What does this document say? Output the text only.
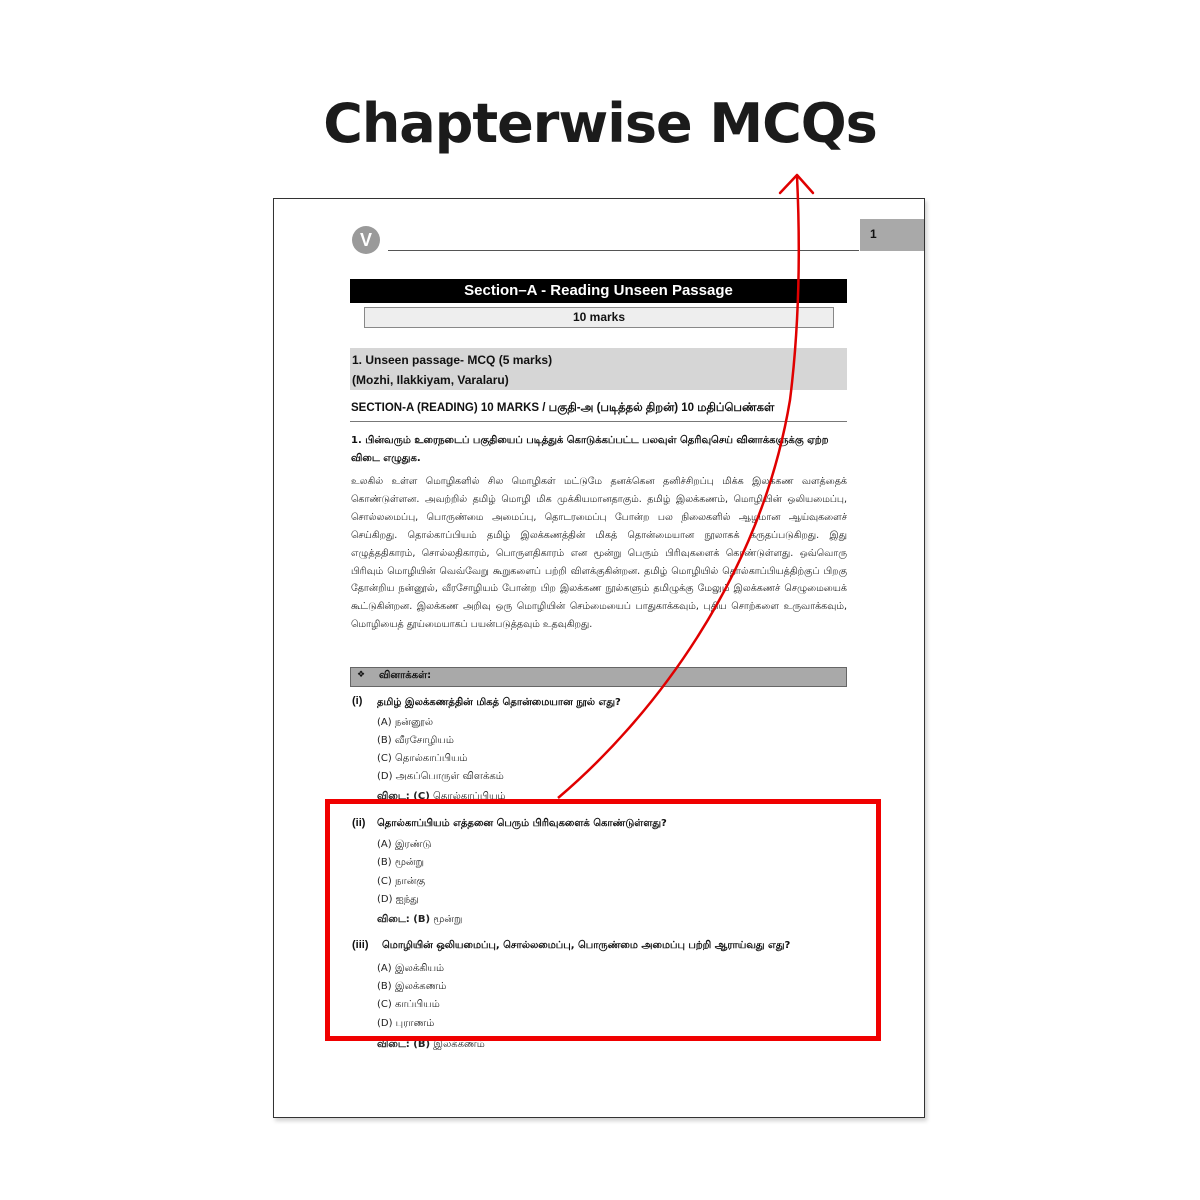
Chapterwise MCQs
V	1
Section–A - Reading Unseen Passage
10 marks
1. Unseen passage- MCQ (5 marks)
(Mozhi, Ilakkiyam, Varalaru)
SECTION-A (READING) 10 MARKS / பகுதி-அ (படித்தல் திறன்) 10 மதிப்பெண்கள்
1. பின்வரும் உரைநடைப் பகுதியைப் படித்துக் கொடுக்கப்பட்ட பலவுள் தெரிவுசெய் வினாக்களுக்கு ஏற்ற விடை எழுதுக.
உலகில் உள்ள மொழிகளில் சில மொழிகள் மட்டுமே தனக்கென தனிச்சிறப்பு மிக்க இலக்கண வளத்தைக் கொண்டுள்ளன. அவற்றில் தமிழ் மொழி மிக முக்கியமானதாகும். தமிழ் இலக்கணம், மொழியின் ஒலியமைப்பு, சொல்லமைப்பு, பொருண்மை அமைப்பு, தொடரமைப்பு போன்ற பல நிலைகளில் ஆழமான ஆய்வுகளைச் செய்கிறது. தொல்காப்பியம் தமிழ் இலக்கணத்தின் மிகத் தொன்மையான நூலாகக் கருதப்படுகிறது. இது எழுத்ததிகாரம், சொல்லதிகாரம், பொருளதிகாரம் என மூன்று பெரும் பிரிவுகளைக் கொண்டுள்ளது. ஒவ்வொரு பிரிவும் மொழியின் வெவ்வேறு கூறுகளைப் பற்றி விளக்குகின்றன. தமிழ் மொழியில் தொல்காப்பியத்திற்குப் பிறகு தோன்றிய நன்னூல், வீரசோழியம் போன்ற பிற இலக்கண நூல்களும் தமிழுக்கு மேலும் இலக்கணச் செழுமையைக் கூட்டுகின்றன. இலக்கண அறிவு ஒரு மொழியின் செம்மையைப் பாதுகாக்கவும், புதிய சொற்களை உருவாக்கவும், மொழியைத் தூய்மையாகப் பயன்படுத்தவும் உதவுகிறது.
❖ வினாக்கள்:
(i) தமிழ் இலக்கணத்தின் மிகத் தொன்மையான நூல் எது?
(A) நன்னூல்
(B) வீரசோழியம்
(C) தொல்காப்பியம்
(D) அகப்பொருள் விளக்கம்
விடை: (C) தொல்காப்பியம்
(ii) தொல்காப்பியம் எத்தனை பெரும் பிரிவுகளைக் கொண்டுள்ளது?
(A) இரண்டு
(B) மூன்று
(C) நான்கு
(D) ஐந்து
விடை: (B) மூன்று
(iii) மொழியின் ஒலியமைப்பு, சொல்லமைப்பு, பொருண்மை அமைப்பு பற்றி ஆராய்வது எது?
(A) இலக்கியம்
(B) இலக்கணம்
(C) காப்பியம்
(D) புராணம்
விடை: (B) இலக்கணம்
